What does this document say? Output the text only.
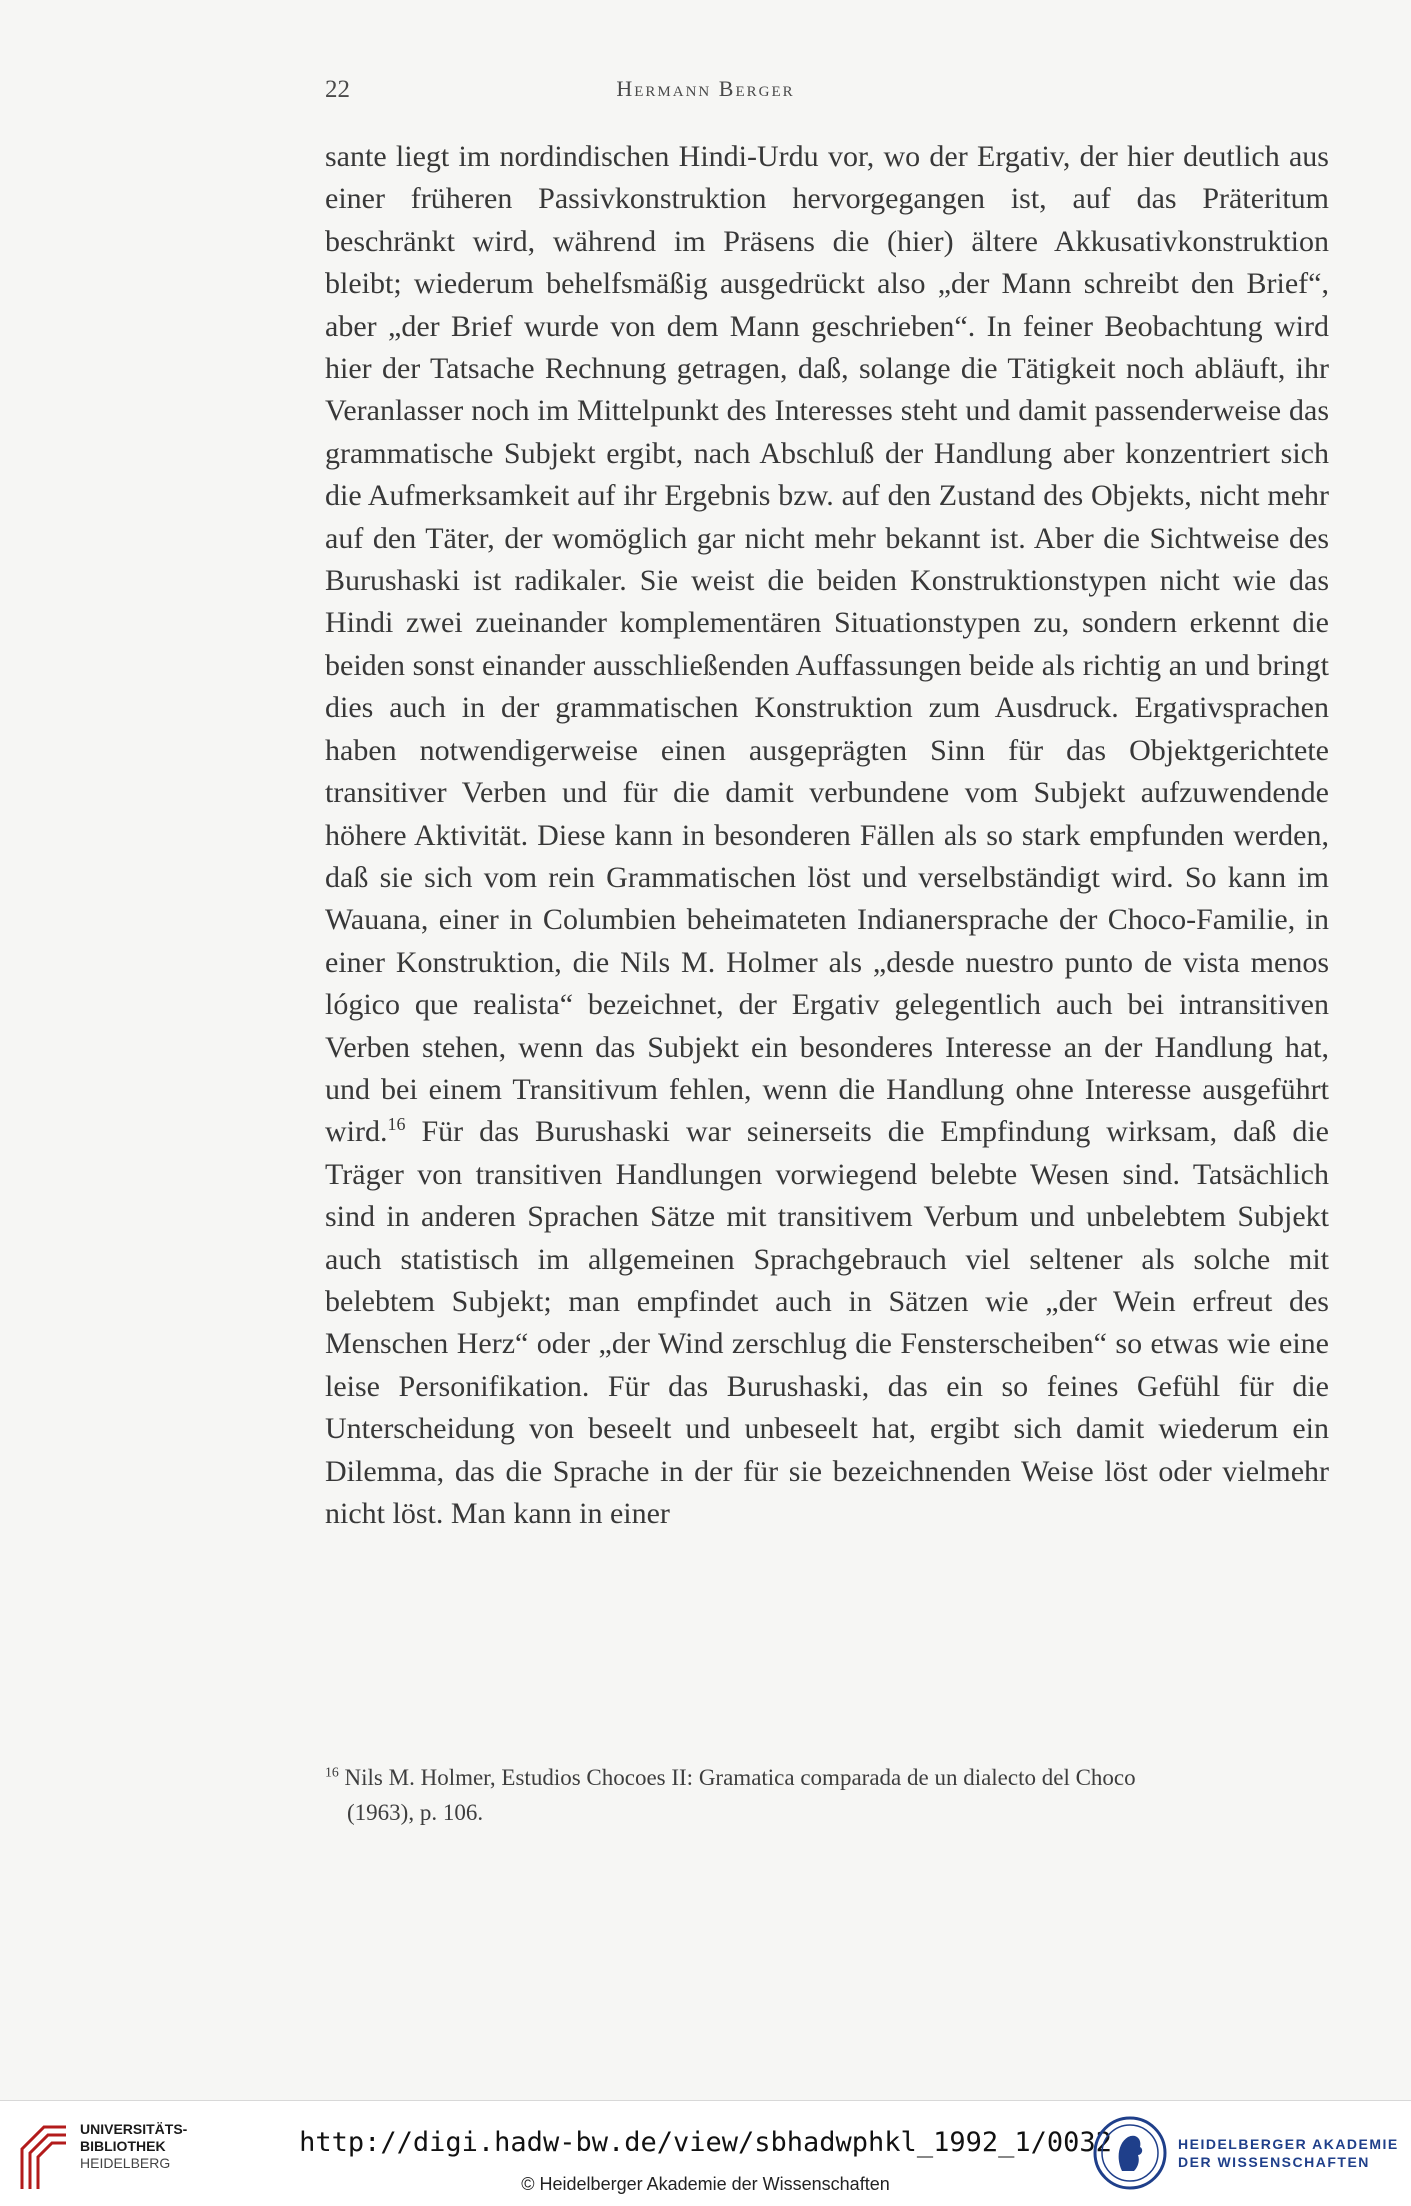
22	Hermann Berger

sante liegt im nordindischen Hindi-Urdu vor, wo der Ergativ, der hier deutlich aus einer früheren Passivkonstruktion hervorgegangen ist, auf das Präteritum beschränkt wird, während im Präsens die (hier) ältere Akkusativkonstruktion bleibt; wiederum behelfsmäßig ausgedrückt also „der Mann schreibt den Brief“, aber „der Brief wurde von dem Mann geschrieben“. In feiner Beobachtung wird hier der Tatsache Rechnung getragen, daß, solange die Tätigkeit noch abläuft, ihr Veranlasser noch im Mittelpunkt des Interesses steht und damit passenderweise das grammatische Subjekt ergibt, nach Abschluß der Handlung aber konzentriert sich die Aufmerksamkeit auf ihr Ergebnis bzw. auf den Zustand des Objekts, nicht mehr auf den Täter, der womöglich gar nicht mehr bekannt ist. Aber die Sichtweise des Burushaski ist radikaler. Sie weist die beiden Konstruktionstypen nicht wie das Hindi zwei zueinander komplementären Situationstypen zu, sondern erkennt die beiden sonst einander ausschließenden Auffassungen beide als richtig an und bringt dies auch in der grammatischen Konstruktion zum Ausdruck. Ergativsprachen haben notwendigerweise einen ausgeprägten Sinn für das Objektgerichtete transitiver Verben und für die damit verbundene vom Subjekt aufzuwendende höhere Aktivität. Diese kann in besonderen Fällen als so stark empfunden werden, daß sie sich vom rein Grammatischen löst und verselbständigt wird. So kann im Wauana, einer in Columbien beheimateten Indianersprache der Choco-Familie, in einer Konstruktion, die Nils M. Holmer als „desde nuestro punto de vista menos lógico que realista“ bezeichnet, der Ergativ gelegentlich auch bei intransitiven Verben stehen, wenn das Subjekt ein besonderes Interesse an der Handlung hat, und bei einem Transitivum fehlen, wenn die Handlung ohne Interesse ausgeführt wird.$^{16}$ Für das Burushaski war seinerseits die Empfindung wirksam, daß die Träger von transitiven Handlungen vorwiegend belebte Wesen sind. Tatsächlich sind in anderen Sprachen Sätze mit transitivem Verbum und unbelebtem Subjekt auch statistisch im allgemeinen Sprachgebrauch viel seltener als solche mit belebtem Subjekt; man empfindet auch in Sätzen wie „der Wein erfreut des Menschen Herz“ oder „der Wind zerschlug die Fensterscheiben“ so etwas wie eine leise Personifikation. Für das Burushaski, das ein so feines Gefühl für die Unterscheidung von beseelt und unbeseelt hat, ergibt sich damit wiederum ein Dilemma, das die Sprache in der für sie bezeichnenden Weise löst oder vielmehr nicht löst. Man kann in einer

$^{16}$ Nils M. Holmer, Estudios Chocoes II: Gramatica comparada de un dialecto del Choco
(1963), p. 106.
UNIVERSITÄTS-
BIBLIOTHEK
HEIDELBERG
http://digi.hadw-bw.de/view/sbhadwphkl_1992_1/0032
© Heidelberger Akademie der Wissenschaften
HEIDELBERGER AKADEMIE
DER WISSENSCHAFTEN
